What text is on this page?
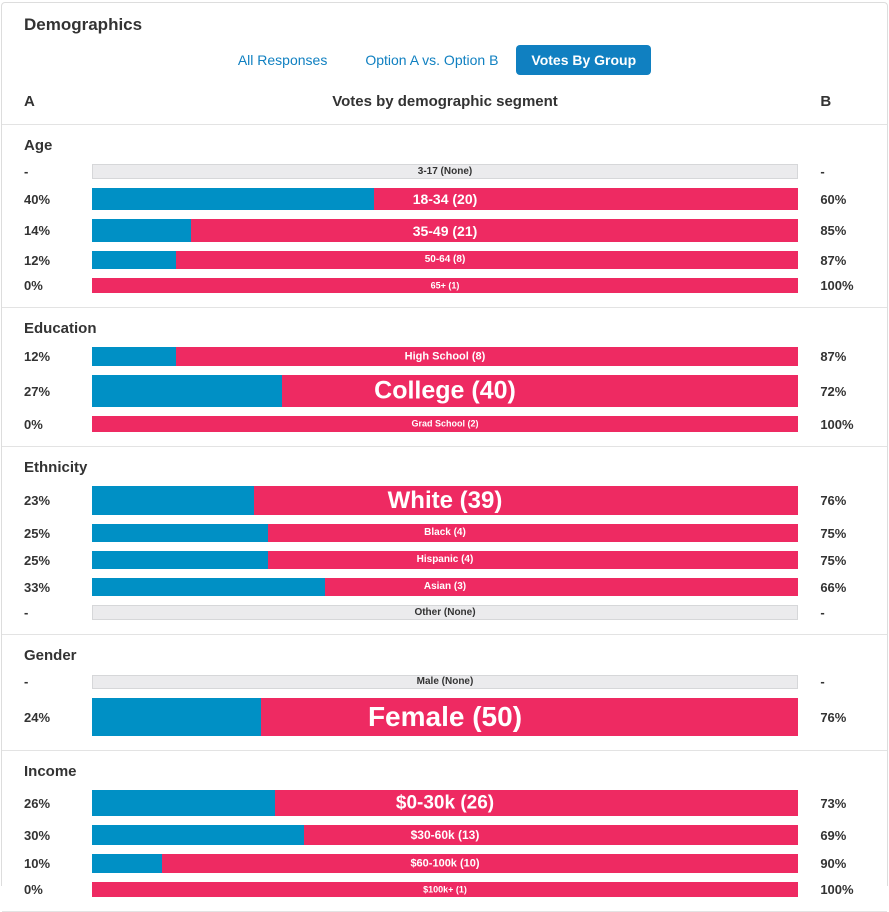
Demographics
All Responses	Option A vs. Option B	Votes By Group
A	Votes by demographic segment	B
Age
-	3-17 (None)	-
40%	18-34 (20)	60%
14%	35-49 (21)	85%
12%	50-64 (8)	87%
0%	65+ (1)	100%
Education
12%	High School (8)	87%
27%	College (40)	72%
0%	Grad School (2)	100%
Ethnicity
23%	White (39)	76%
25%	Black (4)	75%
25%	Hispanic (4)	75%
33%	Asian (3)	66%
-	Other (None)	-
Gender
-	Male (None)	-
24%	Female (50)	76%
Income
26%	$0-30k (26)	73%
30%	$30-60k (13)	69%
10%	$60-100k (10)	90%
0%	$100k+ (1)	100%
